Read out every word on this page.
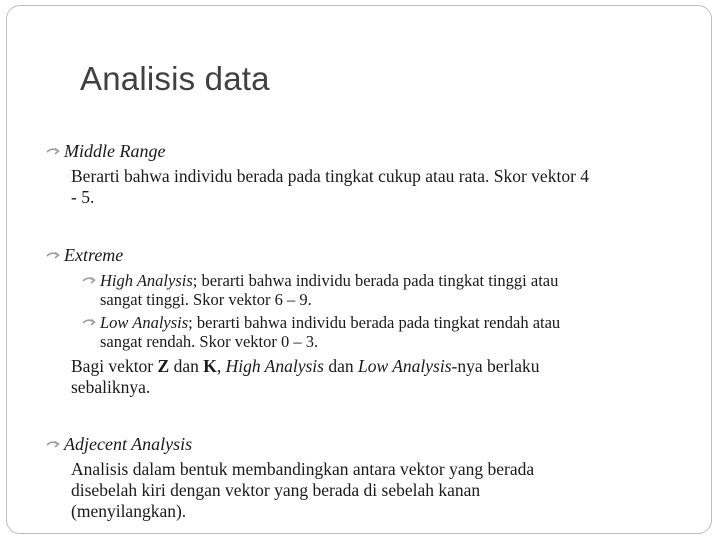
Analisis data
Middle Range
Berarti bahwa individu berada pada tingkat cukup atau rata. Skor vektor 4
- 5.
Extreme
High Analysis; berarti bahwa individu berada pada tingkat tinggi atau
sangat tinggi. Skor vektor 6 – 9.
Low Analysis; berarti bahwa individu berada pada tingkat rendah atau
sangat rendah. Skor vektor 0 – 3.
Bagi vektor Z dan K, High Analysis dan Low Analysis-nya berlaku
sebaliknya.
Adjecent Analysis
Analisis dalam bentuk membandingkan antara vektor yang berada
disebelah kiri dengan vektor yang berada di sebelah kanan
(menyilangkan).
